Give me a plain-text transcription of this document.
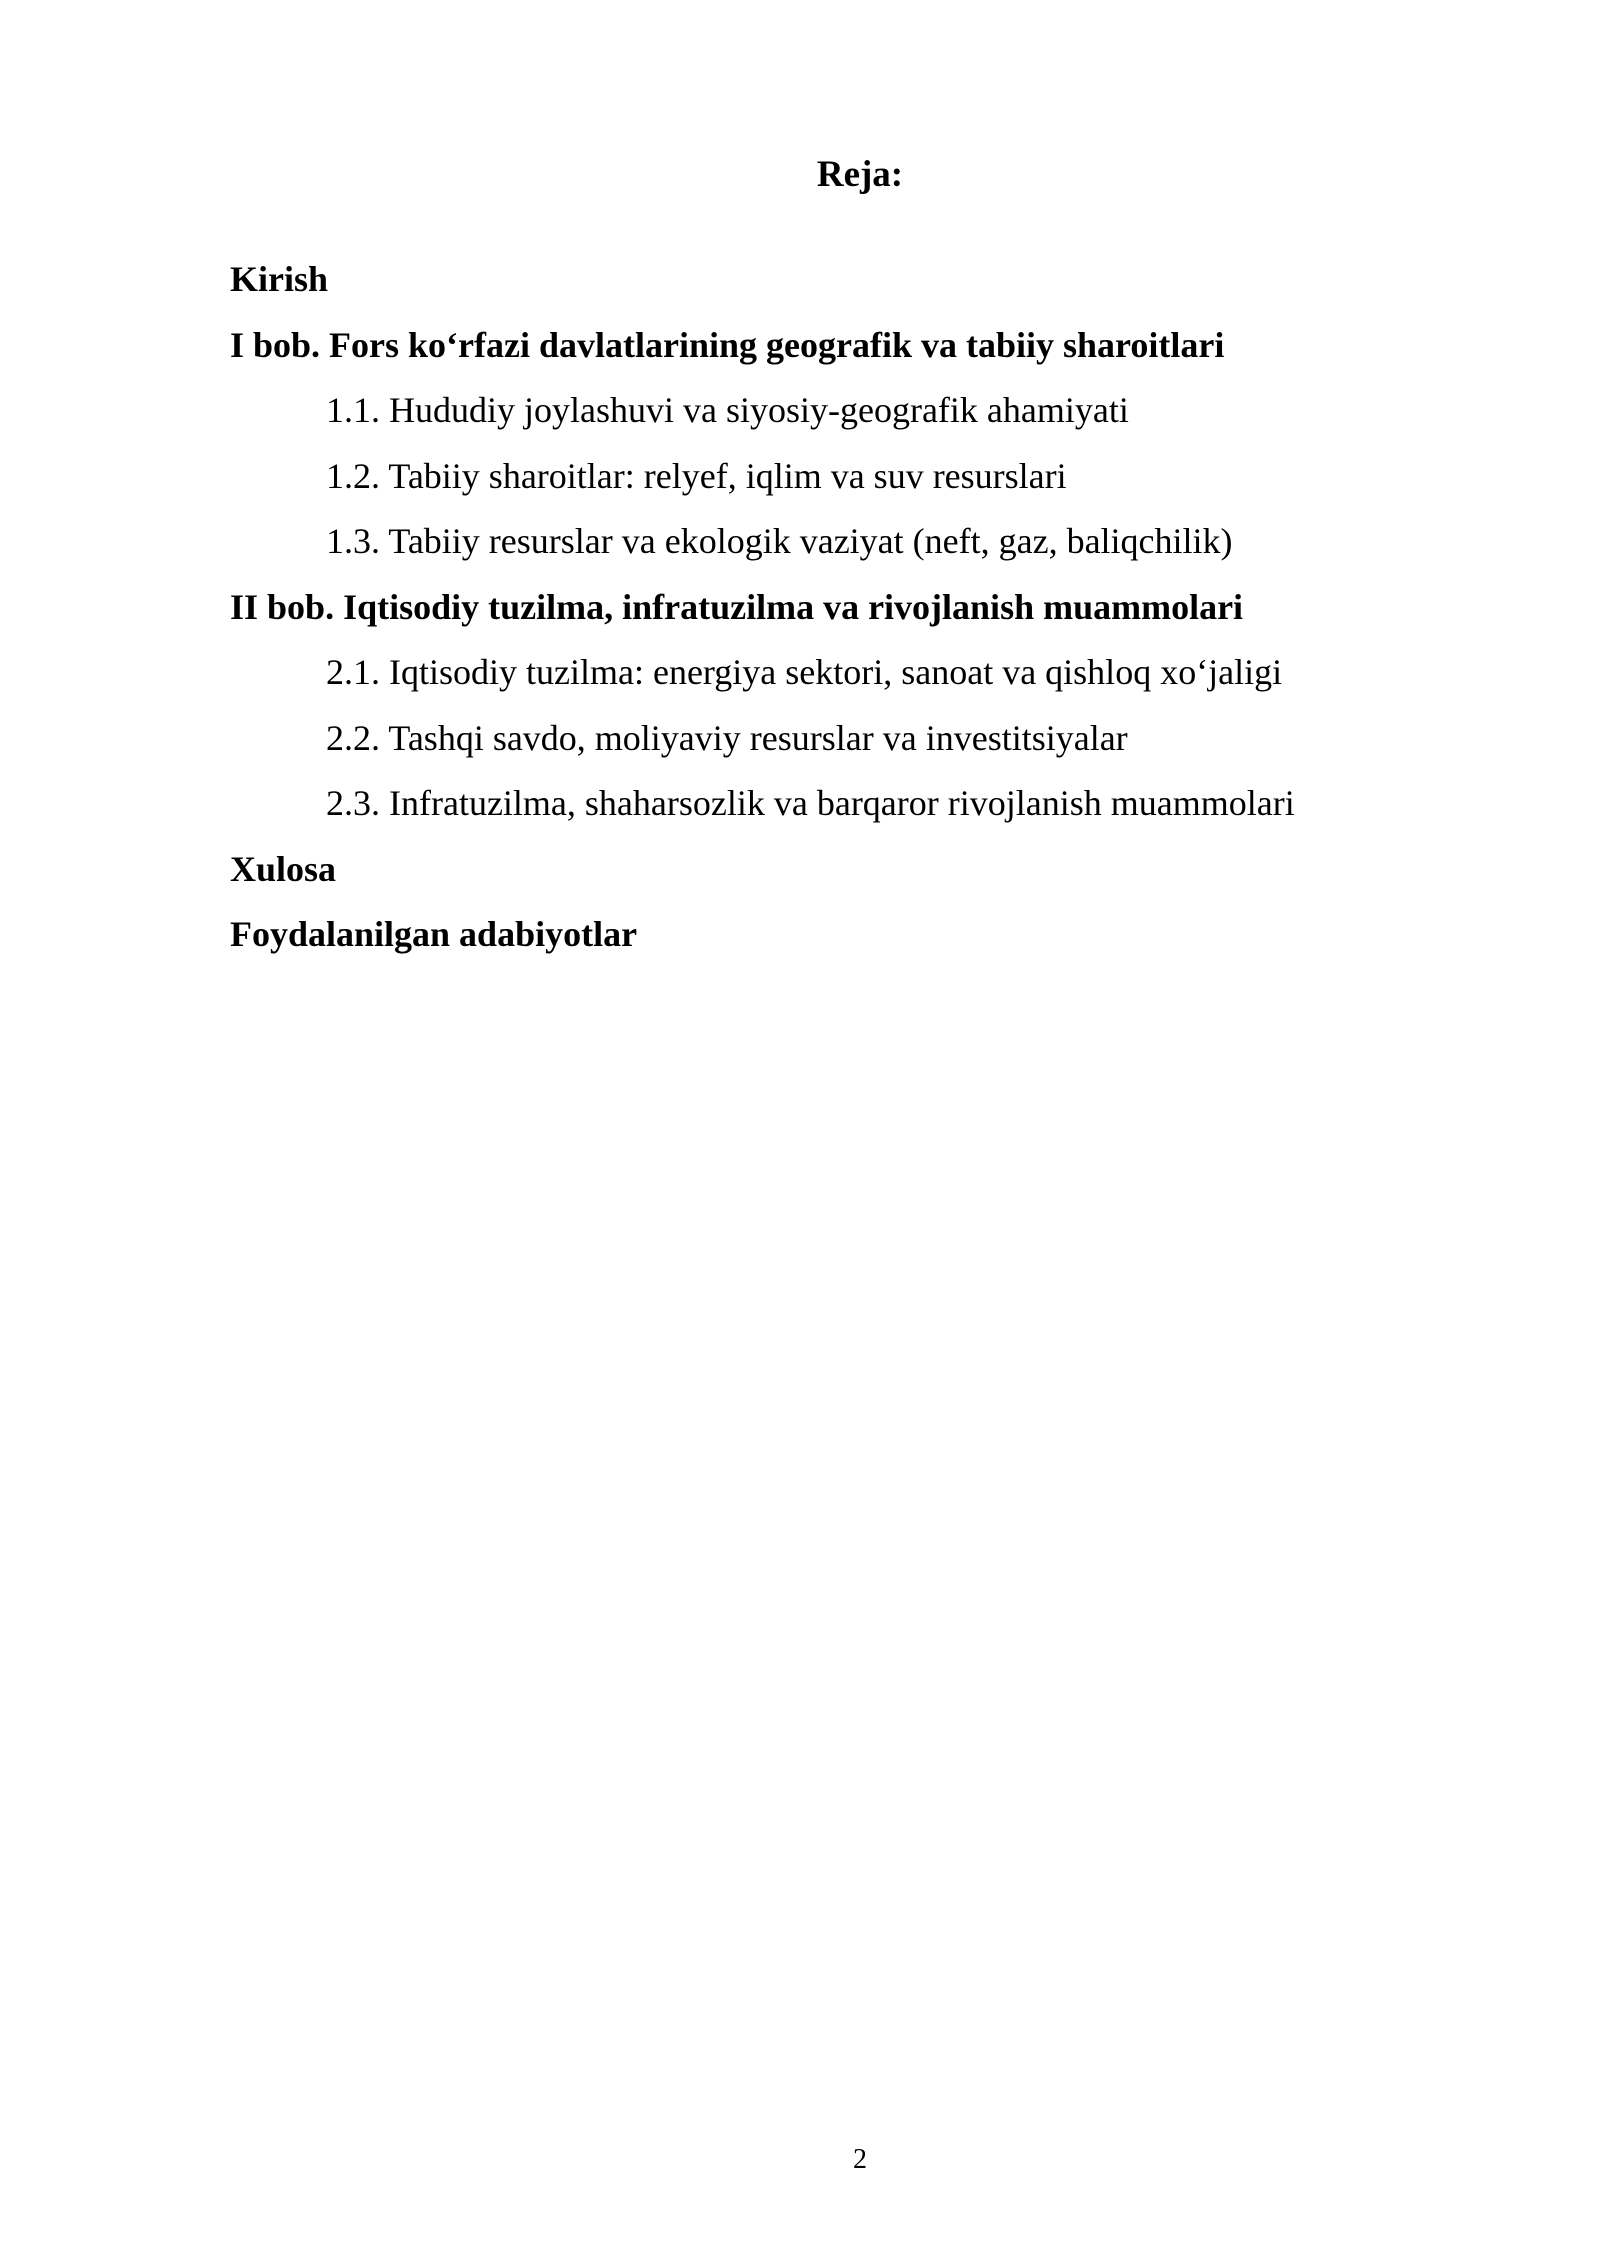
Reja:
Kirish
I bob. Fors ko‘rfazi davlatlarining geografik va tabiiy sharoitlari
1.1. Hududiy joylashuvi va siyosiy-geografik ahamiyati
1.2. Tabiiy sharoitlar: relyef, iqlim va suv resurslari
1.3. Tabiiy resurslar va ekologik vaziyat (neft, gaz, baliqchilik)
II bob. Iqtisodiy tuzilma, infratuzilma va rivojlanish muammolari
2.1. Iqtisodiy tuzilma: energiya sektori, sanoat va qishloq xo‘jaligi
2.2. Tashqi savdo, moliyaviy resurslar va investitsiyalar
2.3. Infratuzilma, shaharsozlik va barqaror rivojlanish muammolari
Xulosa
Foydalanilgan adabiyotlar
2
